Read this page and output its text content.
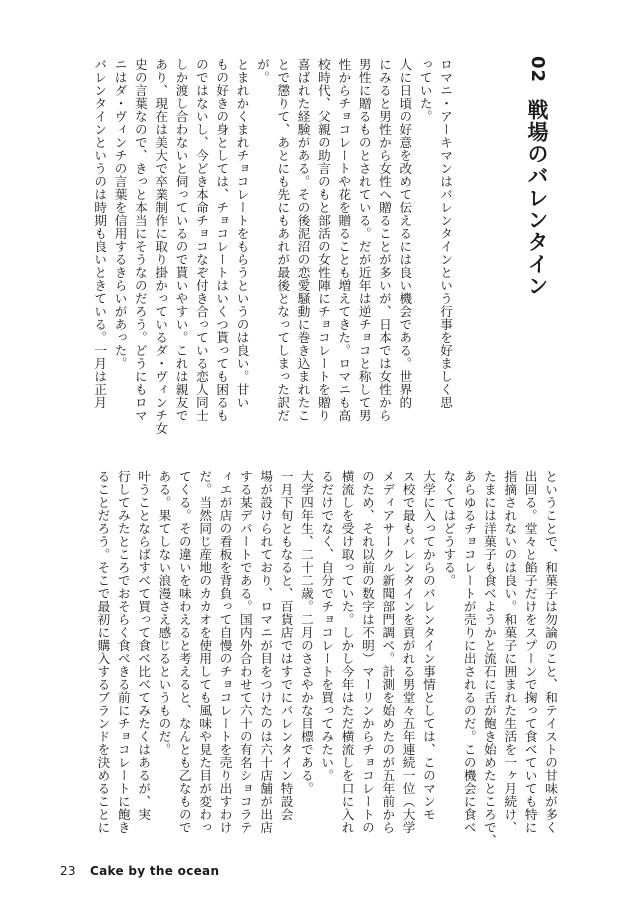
02 戦場のバレンタイン

ロマニ・アーキマンはバレンタインという行事を好ましく思

っていた。

人に日頃の好意を改めて伝えるには良い機会である。世界的

にみると男性から女性へ贈ることが多いが、日本では女性から

男性に贈るものとされている。だが近年は逆チョコと称して男

性からチョコレートや花を贈ることも増えてきた。ロマニも高

校時代、父親の助言のもと部活の女性陣にチョコレートを贈り

喜ばれた経験がある。その後泥沼の恋愛騒動に巻き込まれたこ

とで懲りて、あとにも先にもあれが最後となってしまった訳だ

が。

とまれかくまれチョコレートをもらうというのは良い。甘い

もの好きの身としては、チョコレートはいくつ貰っても困るも

のではないし、今どき本命チョコなぞ付き合っている恋人同士

しか渡し合わないと伺っているので貰いやすい。これは親友で

あり、現在は美大で卒業制作に取り掛かっているダ・ヴィンチ女

史の言葉なので、きっと本当にそうなのだろう。どうにもロマ

ニはダ・ヴィンチの言葉を信用するきらいがあった。

バレンタインというのは時期も良いときている。一月は正月

ということで、和菓子は勿論のこと、和テイストの甘味が多く

出回る。堂々と餡子だけをスプーンで掬って食べていても特に

指摘されないのは良い。和菓子に囲まれた生活を一ヶ月続け、

たまには洋菓子も食べようかと流石に舌が飽き始めたところで、

あらゆるチョコレートが売りに出されるのだ。この機会に食べ

なくてはどうする。

大学に入ってからのバレンタイン事情としては、このマンモ

ス校で最もバレンタインを貢がれる男堂々五年連続一位（大学

メディアサークル新聞部門調べ。計測を始めたのが五年前から

のため、それ以前の数字は不明）マーリンからチョコレートの

横流しを受け取っていた。しかし今年はただ横流しを口に入れ

るだけでなく、自分でチョコレートを買ってみたい。

大学四年生、二十二歳。二月のささやかな目標である。

一月下旬ともなると、百貨店ではすでにバレンタイン特設会

場が設けられており、ロマニが目をつけたのは六十店舗が出店

する某デパートである。国内外合わせて六十の有名ショコラテ

ィエが店の看板を背負って自慢のチョコレートを売り出すわけ

だ。当然同じ産地のカカオを使用しても風味や見た目が変わっ

てくる。その違いを味わえると考えると、なんとも乙なもので

ある。果てしない浪漫さえ感じるというものだ。

叶うことならばすべて買って食べ比べてみたくはあるが、実

行してみたところでおそらく食べきる前にチョコレートに飽き

ることだろう。そこで最初に購入するブランドを決めることに

23 Cake by the ocean
